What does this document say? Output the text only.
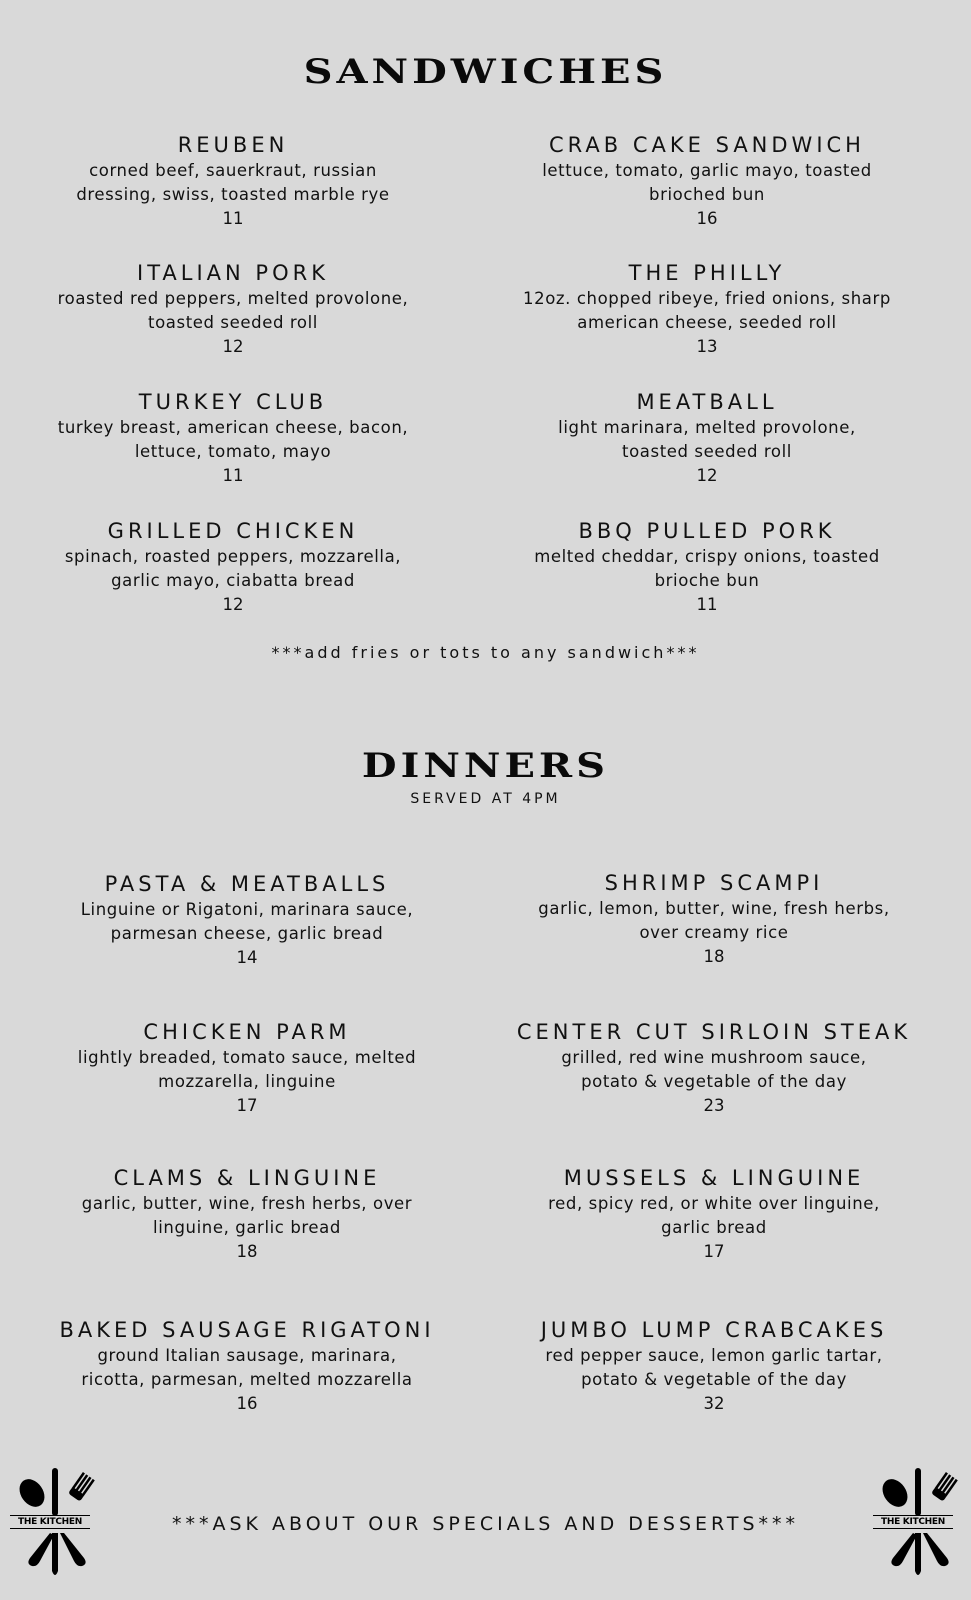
SANDWICHES

REUBEN

corned beef, sauerkraut, russian

dressing, swiss, toasted marble rye

11

CRAB CAKE SANDWICH

lettuce, tomato, garlic mayo, toasted

brioched bun

16

ITALIAN PORK

roasted red peppers, melted provolone,

toasted seeded roll

12

THE PHILLY

12oz. chopped ribeye, fried onions, sharp

american cheese, seeded roll

13

TURKEY CLUB

turkey breast, american cheese, bacon,

lettuce, tomato, mayo

11

MEATBALL

light marinara, melted provolone,

toasted seeded roll

12

GRILLED CHICKEN

spinach, roasted peppers, mozzarella,

garlic mayo, ciabatta bread

12

BBQ PULLED PORK

melted cheddar, crispy onions, toasted

brioche bun

11

***add fries or tots to any sandwich***
DINNERS
SERVED AT 4PM

PASTA & MEATBALLS

Linguine or Rigatoni, marinara sauce,

parmesan cheese, garlic bread

14

SHRIMP SCAMPI

garlic, lemon, butter, wine, fresh herbs,

over creamy rice

18

CHICKEN PARM

lightly breaded, tomato sauce, melted

mozzarella, linguine

17

CENTER CUT SIRLOIN STEAK

grilled, red wine mushroom sauce,

potato & vegetable of the day

23

CLAMS & LINGUINE

garlic, butter, wine, fresh herbs, over

linguine, garlic bread

18

MUSSELS & LINGUINE

red, spicy red, or white over linguine,

garlic bread

17

BAKED SAUSAGE RIGATONI

ground Italian sausage, marinara,

ricotta, parmesan, melted mozzarella

16

JUMBO LUMP CRABCAKES

red pepper sauce, lemon garlic tartar,

potato & vegetable of the day

32

***ASK ABOUT OUR SPECIALS AND DESSERTS***
THE KITCHEN	THE KITCHEN
